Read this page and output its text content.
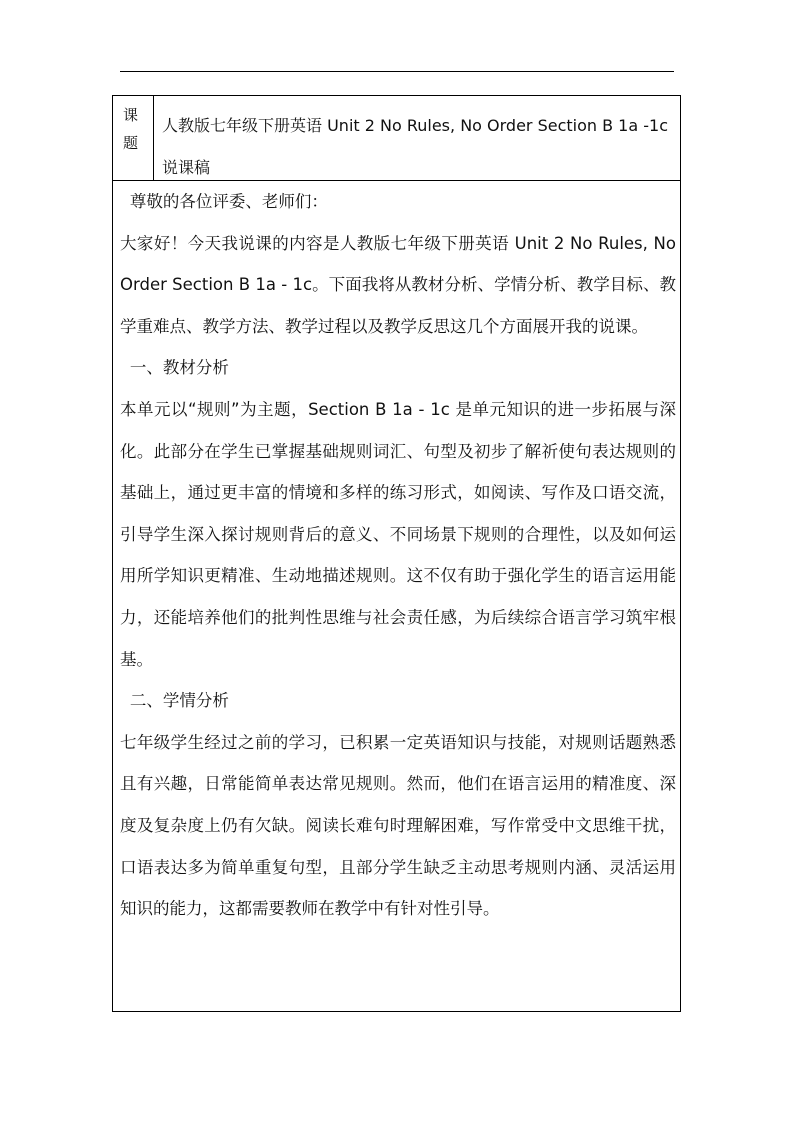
课
题
人教版七年级下册英语 Unit 2 No Rules, No Order Section B 1a -1c 说课稿

尊敬的各位评委、老师们：

大家好！今天我说课的内容是人教版七年级下册英语 Unit 2 No Rules, No Order Section B 1a - 1c。下面我将从教材分析、学情分析、教学目标、教学重难点、教学方法、教学过程以及教学反思这几个方面展开我的说课。

一、教材分析

本单元以“规则”为主题，Section B 1a - 1c 是单元知识的进一步拓展与深化。此部分在学生已掌握基础规则词汇、句型及初步了解祈使句表达规则的基础上，通过更丰富的情境和多样的练习形式，如阅读、写作及口语交流，引导学生深入探讨规则背后的意义、不同场景下规则的合理性，以及如何运用所学知识更精准、生动地描述规则。这不仅有助于强化学生的语言运用能力，还能培养他们的批判性思维与社会责任感，为后续综合语言学习筑牢根基。

二、学情分析

七年级学生经过之前的学习，已积累一定英语知识与技能，对规则话题熟悉且有兴趣，日常能简单表达常见规则。然而，他们在语言运用的精准度、深度及复杂度上仍有欠缺。阅读长难句时理解困难，写作常受中文思维干扰，口语表达多为简单重复句型，且部分学生缺乏主动思考规则内涵、灵活运用知识的能力，这都需要教师在教学中有针对性引导。
